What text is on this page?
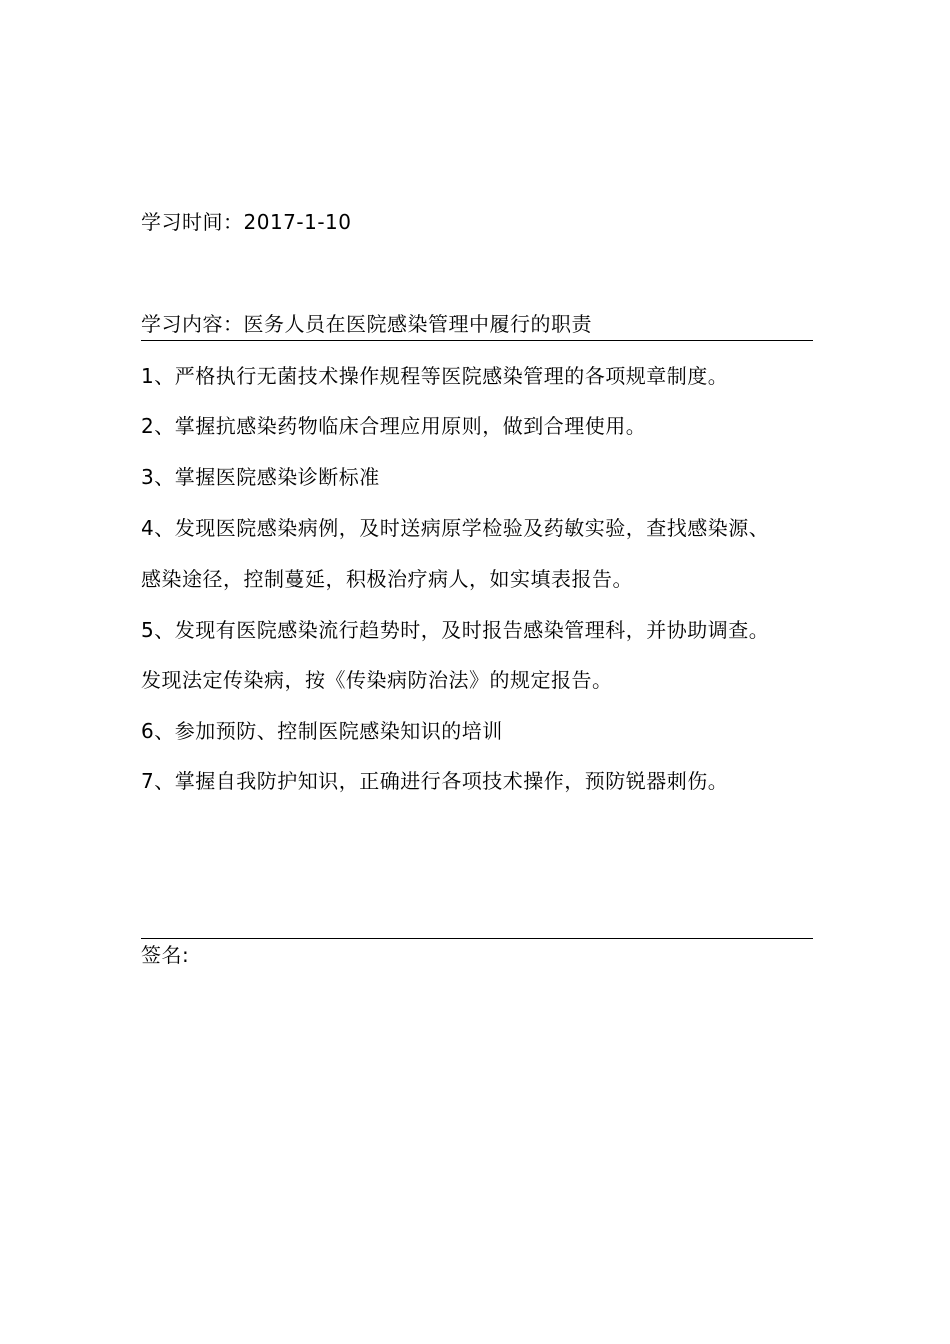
学习时间：2017-1-10
学习内容：医务人员在医院感染管理中履行的职责
1、严格执行无菌技术操作规程等医院感染管理的各项规章制度。
2、掌握抗感染药物临床合理应用原则，做到合理使用。
3、掌握医院感染诊断标准
4、发现医院感染病例，及时送病原学检验及药敏实验，查找感染源、
感染途径，控制蔓延，积极治疗病人，如实填表报告。
5、发现有医院感染流行趋势时，及时报告感染管理科，并协助调查。
发现法定传染病，按《传染病防治法》的规定报告。
6、参加预防、控制医院感染知识的培训
7、掌握自我防护知识，正确进行各项技术操作，预防锐器刺伤。
签名:
